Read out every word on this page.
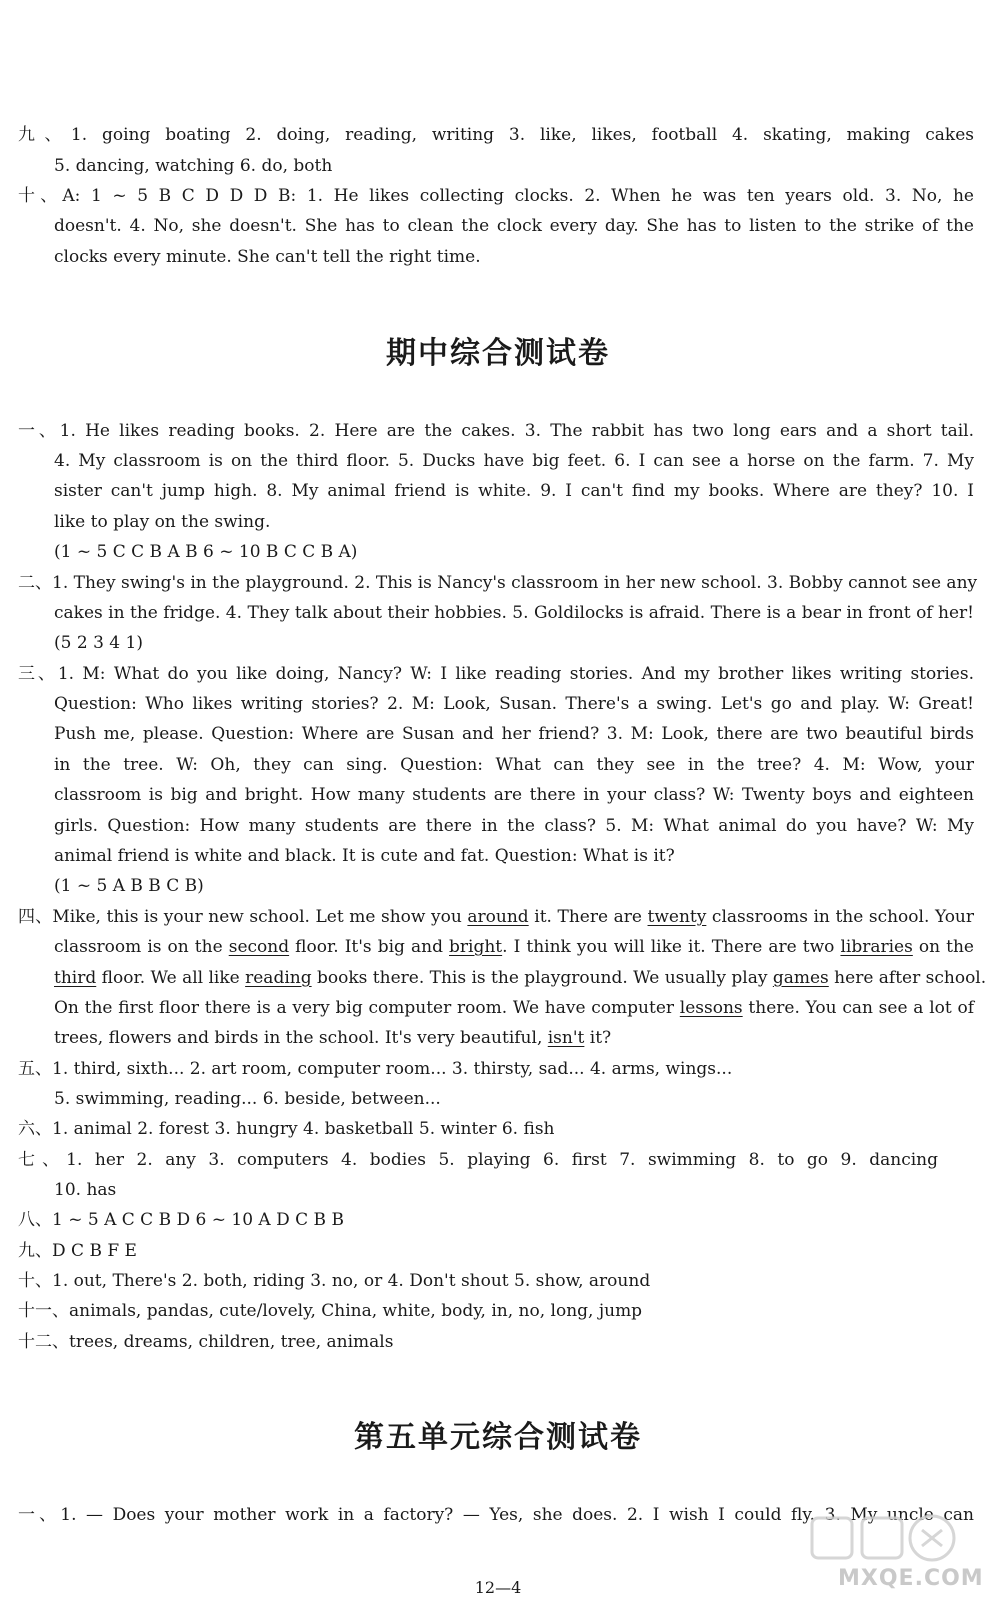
九、1. going boating 2. doing, reading, writing 3. like, likes, football 4. skating, making cakes
5. dancing, watching 6. do, both
十、A: 1 ~ 5 B C D D D B: 1. He likes collecting clocks. 2. When he was ten years old. 3. No, he
doesn't. 4. No, she doesn't. She has to clean the clock every day. She has to listen to the strike of the
clocks every minute. She can't tell the right time.
期中综合测试卷
一、1. He likes reading books. 2. Here are the cakes. 3. The rabbit has two long ears and a short tail.
4. My classroom is on the third floor. 5. Ducks have big feet. 6. I can see a horse on the farm. 7. My
sister can't jump high. 8. My animal friend is white. 9. I can't find my books. Where are they? 10. I
like to play on the swing.
(1 ~ 5 C C B A B 6 ~ 10 B C C B A)
二、1. They swing's in the playground. 2. This is Nancy's classroom in her new school. 3. Bobby cannot see any
cakes in the fridge. 4. They talk about their hobbies. 5. Goldilocks is afraid. There is a bear in front of her!
(5 2 3 4 1)
三、1. M: What do you like doing, Nancy? W: I like reading stories. And my brother likes writing stories.
Question: Who likes writing stories? 2. M: Look, Susan. There's a swing. Let's go and play. W: Great!
Push me, please. Question: Where are Susan and her friend? 3. M: Look, there are two beautiful birds
in the tree. W: Oh, they can sing. Question: What can they see in the tree? 4. M: Wow, your
classroom is big and bright. How many students are there in your class? W: Twenty boys and eighteen
girls. Question: How many students are there in the class? 5. M: What animal do you have? W: My
animal friend is white and black. It is cute and fat. Question: What is it?
(1 ~ 5 A B B C B)
四、Mike, this is your new school. Let me show you around it. There are twenty classrooms in the school. Your
classroom is on the second floor. It's big and bright. I think you will like it. There are two libraries on the
third floor. We all like reading books there. This is the playground. We usually play games here after school.
On the first floor there is a very big computer room. We have computer lessons there. You can see a lot of
trees, flowers and birds in the school. It's very beautiful, isn't it?
五、1. third, sixth... 2. art room, computer room... 3. thirsty, sad... 4. arms, wings...
5. swimming, reading... 6. beside, between...
六、1. animal 2. forest 3. hungry 4. basketball 5. winter 6. fish
七、1. her 2. any 3. computers 4. bodies 5. playing 6. first 7. swimming 8. to go 9. dancing
10. has
八、1 ~ 5 A C C B D 6 ~ 10 A D C B B
九、D C B F E
十、1. out, There's 2. both, riding 3. no, or 4. Don't shout 5. show, around
十一、animals, pandas, cute/lovely, China, white, body, in, no, long, jump
十二、trees, dreams, children, tree, animals
第五单元综合测试卷
一、1. — Does your mother work in a factory? — Yes, she does. 2. I wish I could fly. 3. My uncle can
12—4	MXQE.COM
